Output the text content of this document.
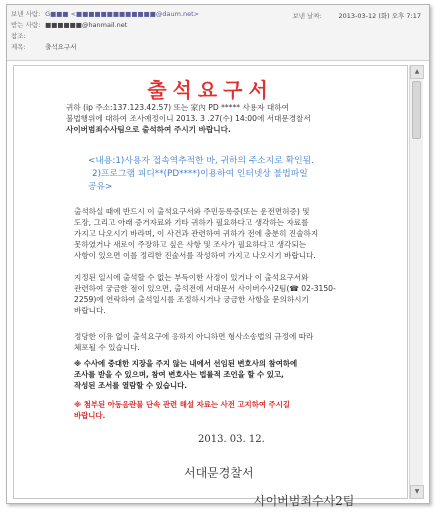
보낸 사람: G■■■ <■■■■■■■■■■■■■@daum.net>
받는 사람: ■■■■■■@hanmail.net
참조:
제목:	출석요구서
보낸 날짜:	2013-03-12 (화) 오후 7:17
출석요구서
귀하 (ip 주소:137.123.42.57) 또는 家內 PD ***** 사용자 대하여
불법행위에 대하여 조사예정이니 2013. 3 .27(수) 14:00에 서대문경찰서
사이버범죄수사팀으로 출석하여 주시기 바랍니다.
<내용:1)사용자 접속역추적한 바, 귀하의 주소지로 확인됨.
2)프로그램 피디**(PD****)이용하여 인터넷상 불법파일
공유>
출석하실 때에 반드시 이 출석요구서와 주민등록증(또는 운전면허증) 및
도장, 그리고 아래 증거자료와 기타 귀하가 필요하다고 생각하는 자료를
가지고 나오시기 바라며, 이 사건과 관련하여 귀하가 전에 충분히 진술하지
못하였거나 새로이 주장하고 싶은 사항 및 조사가 필요하다고 생각되는
사항이 있으면 이를 정리한 진술서를 작성하여 가지고 나오시기 바랍니다.
지정된 일시에 출석할 수 없는 부득이한 사정이 있거나 이 출석요구서와
관련하여 궁금한 점이 있으면, 출석전에 서대문서 사이버수사2팀(☎ 02-3150-
2259)에 연락하여 출석일시를 조정하시거나 궁금한 사항을 문의하시기
바랍니다.
정당한 이유 없이 출석요구에 응하지 아니하면 형사소송법의 규정에 따라
체포될 수 있습니다.
※ 수사에 중대한 지장을 주지 않는 내에서 선임된 변호사의 참여하에
조사를 받을 수 있으며, 참여 변호사는 법률적 조언을 할 수 있고,
작성된 조서를 열람할 수 있습니다.
※ 첨부된 아동음란물 단속 관련 해설 자료는 사전 고지하여 주시길
바랍니다.
2013. 03. 12.
서대문경찰서
사이버범죄수사2팀
▲
▼
